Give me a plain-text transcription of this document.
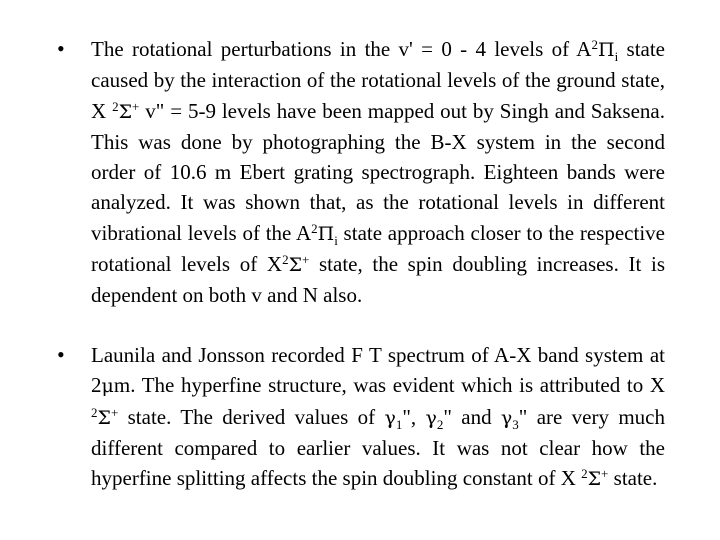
• The rotational perturbations in the v' = 0 - 4 levels of $A^2\Pi_i$ state caused by the interaction of the rotational levels of the ground state, X $^2$Σ+ v" = 5-9 levels have been mapped out by Singh and Saksena. This was done by photographing the B-X system in the second order of 10.6 m Ebert grating spectrograph. Eighteen bands were analyzed. It was shown that, as the rotational levels in different vibrational levels of the $A^2\Pi_i$ state approach closer to the respective rotational levels of $X^2\Sigma^+$ state, the spin doubling increases. It is dependent on both v and N also.

• Launila and Jonsson recorded F T spectrum of A-X band system at 2μm. The hyperfine structure, was evident which is attributed to X $^2$Σ+ state. The derived values of $\gamma_1$", $\gamma_2$" and $\gamma_3$" are very much different compared to earlier values. It was not clear how the hyperfine splitting affects the spin doubling constant of X $^2$Σ+ state.
